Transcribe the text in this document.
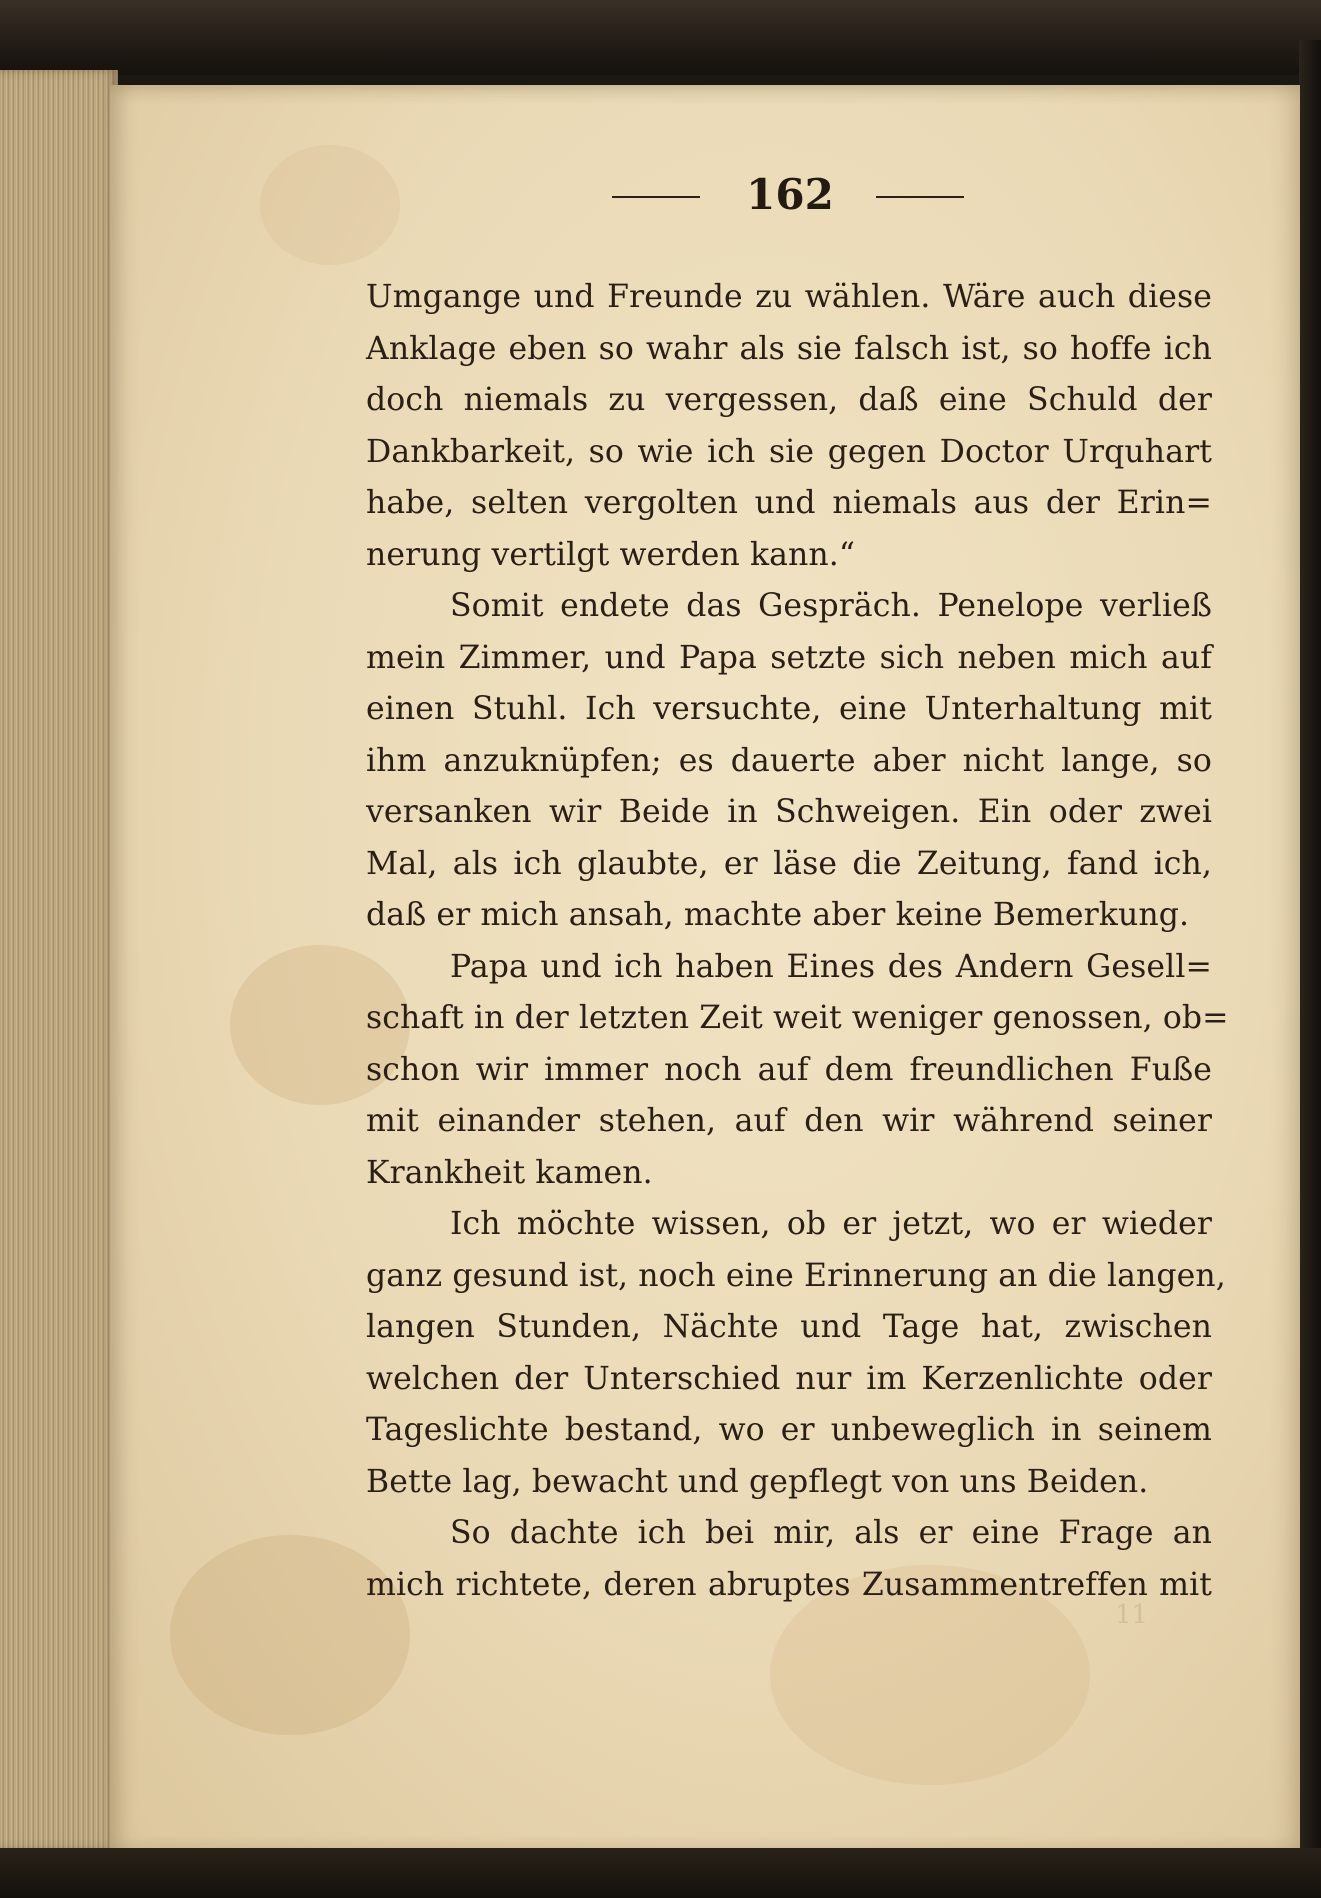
162
Umgange und Freunde zu wählen. Wäre auch diese
Anklage eben so wahr als sie falsch ist, so hoffe ich
doch niemals zu vergessen, daß eine Schuld der
Dankbarkeit, so wie ich sie gegen Doctor Urquhart
habe, selten vergolten und niemals aus der Erin=
nerung vertilgt werden kann.“
Somit endete das Gespräch. Penelope verließ
mein Zimmer, und Papa setzte sich neben mich auf
einen Stuhl. Ich versuchte, eine Unterhaltung mit
ihm anzuknüpfen; es dauerte aber nicht lange, so
versanken wir Beide in Schweigen. Ein oder zwei
Mal, als ich glaubte, er läse die Zeitung, fand ich,
daß er mich ansah, machte aber keine Bemerkung.
Papa und ich haben Eines des Andern Gesell=
schaft in der letzten Zeit weit weniger genossen, ob=
schon wir immer noch auf dem freundlichen Fuße
mit einander stehen, auf den wir während seiner
Krankheit kamen.
Ich möchte wissen, ob er jetzt, wo er wieder
ganz gesund ist, noch eine Erinnerung an die langen,
langen Stunden, Nächte und Tage hat, zwischen
welchen der Unterschied nur im Kerzenlichte oder
Tageslichte bestand, wo er unbeweglich in seinem
Bette lag, bewacht und gepflegt von uns Beiden.
So dachte ich bei mir, als er eine Frage an
mich richtete, deren abruptes Zusammentreffen mit
11
